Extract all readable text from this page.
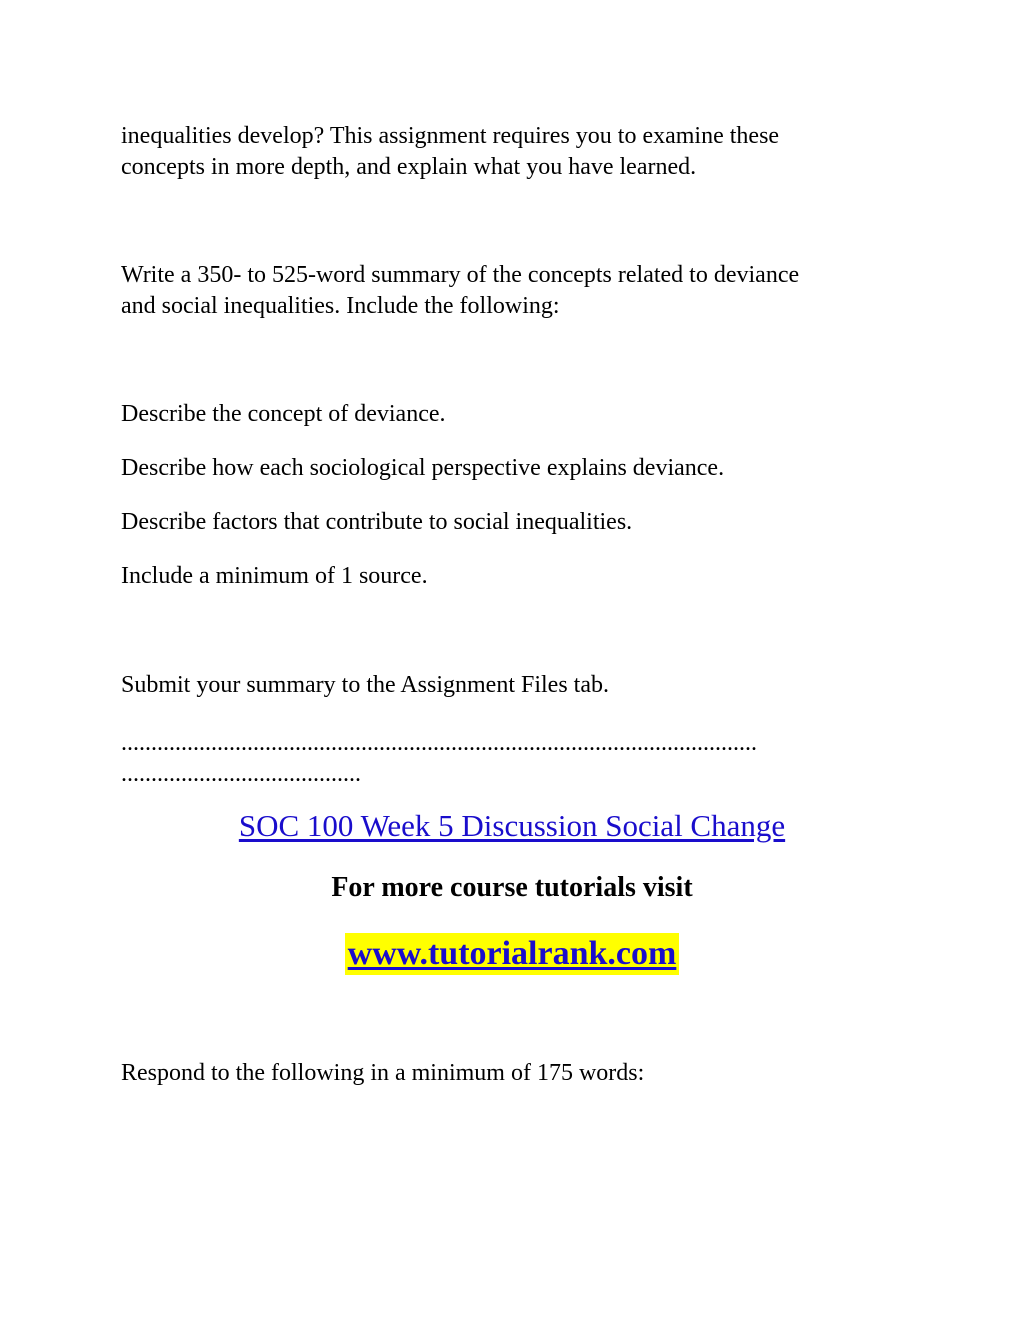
inequalities develop? This assignment requires you to examine these
concepts in more depth, and explain what you have learned.
Write a 350- to 525-word summary of the concepts related to deviance
and social inequalities. Include the following:
Describe the concept of deviance.
Describe how each sociological perspective explains deviance.
Describe factors that contribute to social inequalities.
Include a minimum of 1 source.
Submit your summary to the Assignment Files tab.
..........................................................................................................
........................................
SOC 100 Week 5 Discussion Social Change
For more course tutorials visit
www.tutorialrank.com
Respond to the following in a minimum of 175 words:
